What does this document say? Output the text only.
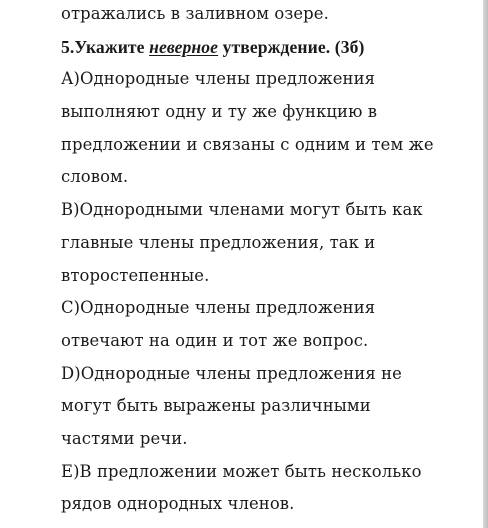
отражались в заливном озере.
5.Укажите неверное утверждение. (3б)
А)Однородные члены предложения
выполняют одну и ту же функцию в
предложении и связаны с одним и тем же
словом.
В)Однородными членами могут быть как
главные члены предложения, так и
второстепенные.
С)Однородные члены предложения
отвечают на один и тот же вопрос.
D)Однородные члены предложения не
могут быть выражены различными
частями речи.
Е)В предложении может быть несколько
рядов однородных членов.
